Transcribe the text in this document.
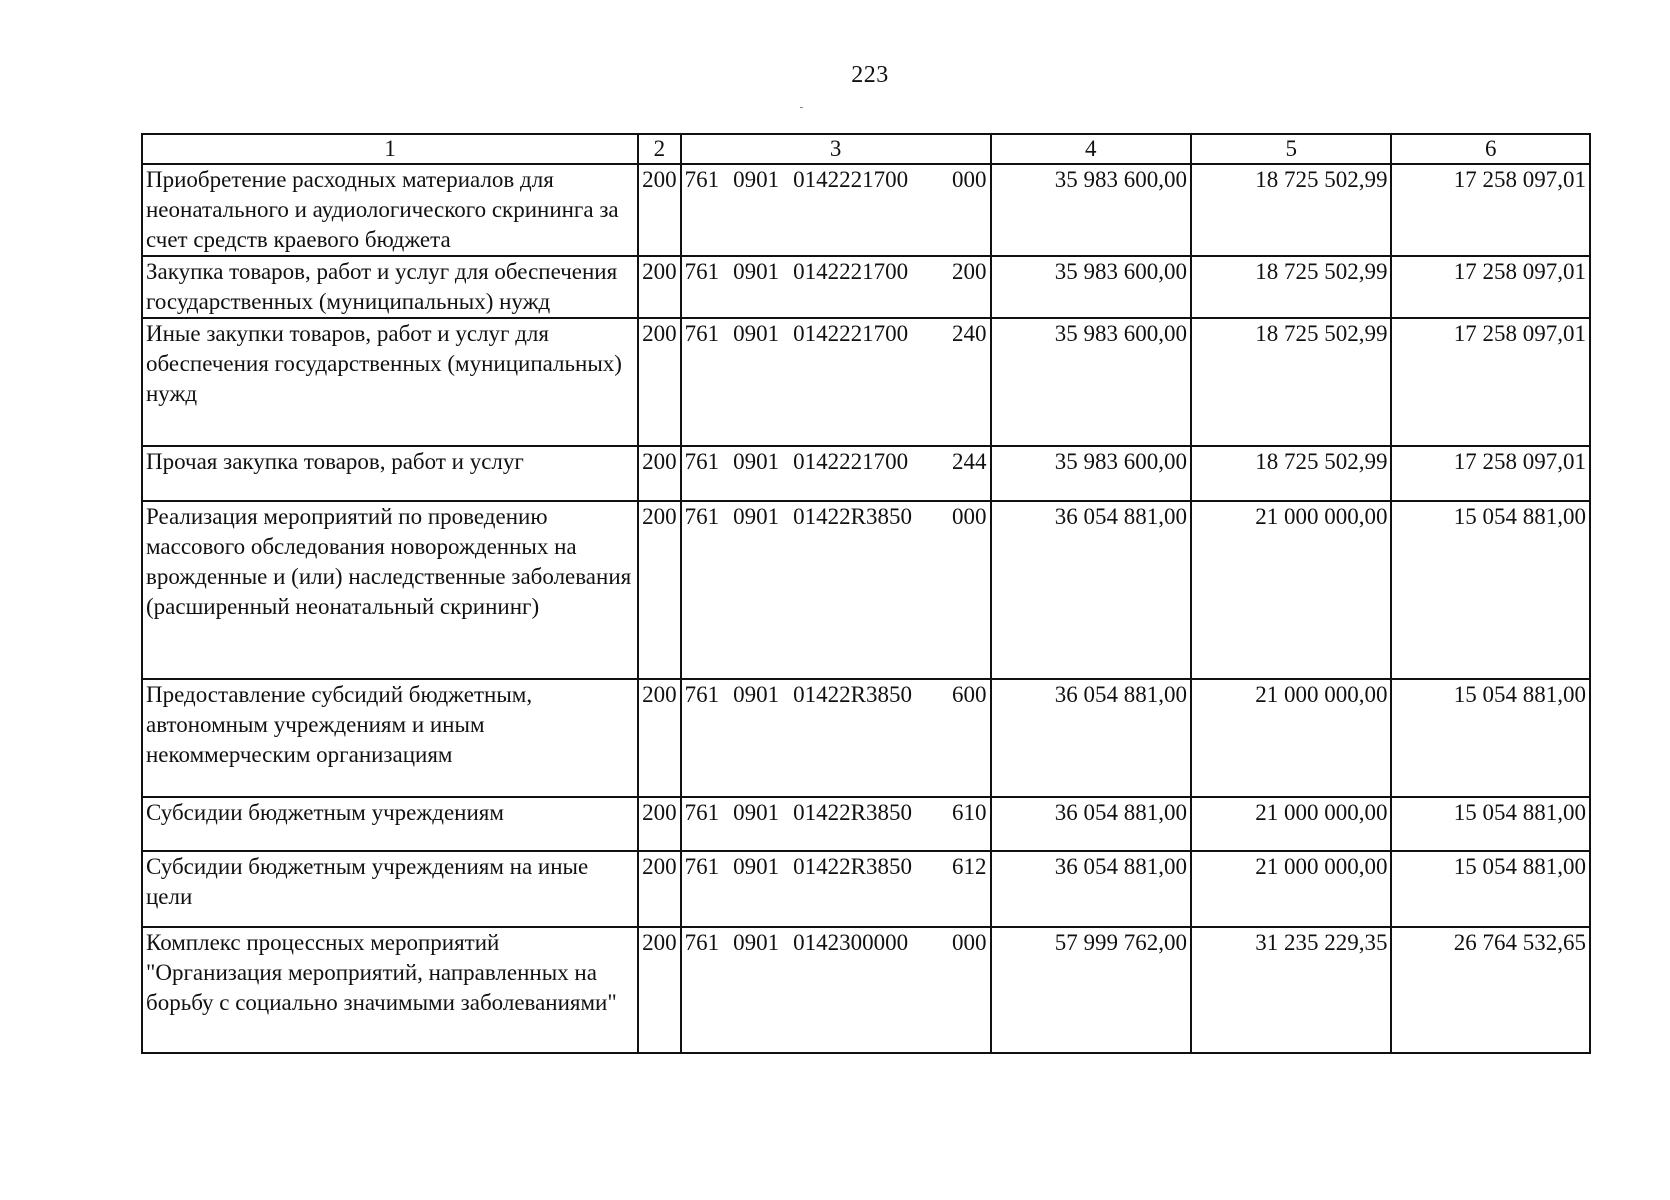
223
1	2	3	4	5	6
Приобретение расходных материалов для неонатального и аудиологического скрининга за счет средств краевого бюджета	200	761 0901 0142221700 000	35 983 600,00	18 725 502,99	17 258 097,01
Закупка товаров, работ и услуг для обеспечения государственных (муниципальных) нужд	200	761 0901 0142221700 200	35 983 600,00	18 725 502,99	17 258 097,01
Иные закупки товаров, работ и услуг для обеспечения государственных (муниципальных) нужд	200	761 0901 0142221700 240	35 983 600,00	18 725 502,99	17 258 097,01
Прочая закупка товаров, работ и услуг	200	761 0901 0142221700 244	35 983 600,00	18 725 502,99	17 258 097,01
Реализация мероприятий по проведению массового обследования новорожденных на врожденные и (или) наследственные заболевания (расширенный неонатальный скрининг)	200	761 0901 01422R3850 000	36 054 881,00	21 000 000,00	15 054 881,00
Предоставление субсидий бюджетным, автономным учреждениям и иным некоммерческим организациям	200	761 0901 01422R3850 600	36 054 881,00	21 000 000,00	15 054 881,00
Субсидии бюджетным учреждениям	200	761 0901 01422R3850 610	36 054 881,00	21 000 000,00	15 054 881,00
Субсидии бюджетным учреждениям на иные цели	200	761 0901 01422R3850 612	36 054 881,00	21 000 000,00	15 054 881,00
Комплекс процессных мероприятий "Организация мероприятий, направленных на борьбу с социально значимыми заболеваниями"	200	761 0901 0142300000 000	57 999 762,00	31 235 229,35	26 764 532,65
